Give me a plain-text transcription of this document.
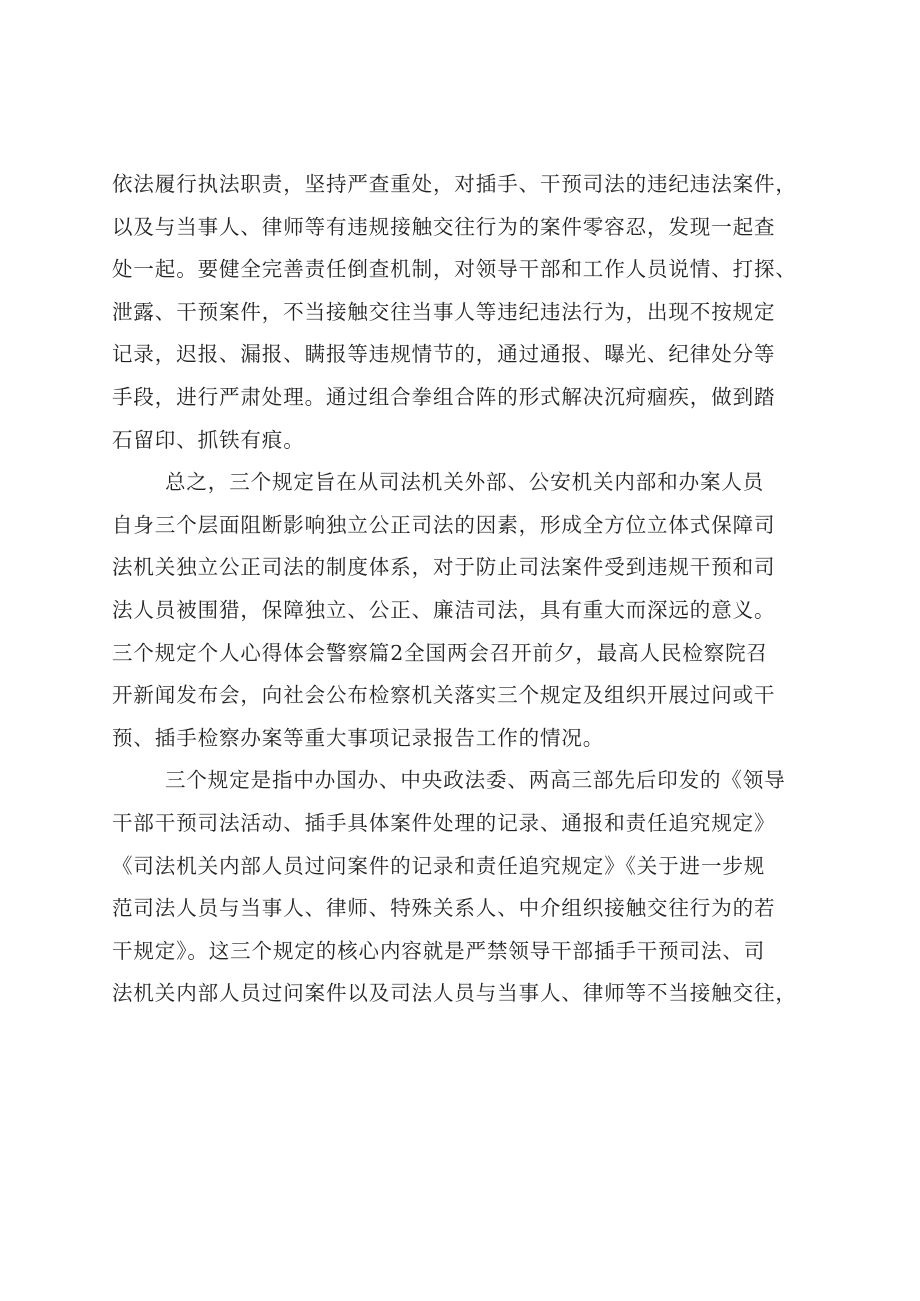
依法履行执法职责，坚持严查重处，对插手、干预司法的违纪违法案件，
以及与当事人、律师等有违规接触交往行为的案件零容忍，发现一起查
处一起。要健全完善责任倒查机制，对领导干部和工作人员说情、打探、
泄露、干预案件，不当接触交往当事人等违纪违法行为，出现不按规定
记录，迟报、漏报、瞒报等违规情节的，通过通报、曝光、纪律处分等
手段，进行严肃处理。通过组合拳组合阵的形式解决沉疴痼疾，做到踏
石留印、抓铁有痕。
总之，三个规定旨在从司法机关外部、公安机关内部和办案人员
自身三个层面阻断影响独立公正司法的因素，形成全方位立体式保障司
法机关独立公正司法的制度体系，对于防止司法案件受到违规干预和司
法人员被围猎，保障独立、公正、廉洁司法，具有重大而深远的意义。
三个规定个人心得体会警察篇2全国两会召开前夕，最高人民检察院召
开新闻发布会，向社会公布检察机关落实三个规定及组织开展过问或干
预、插手检察办案等重大事项记录报告工作的情况。
三个规定是指中办国办、中央政法委、两高三部先后印发的《领导
干部干预司法活动、插手具体案件处理的记录、通报和责任追究规定》
《司法机关内部人员过问案件的记录和责任追究规定》《关于进一步规
范司法人员与当事人、律师、特殊关系人、中介组织接触交往行为的若
干规定》。这三个规定的核心内容就是严禁领导干部插手干预司法、司
法机关内部人员过问案件以及司法人员与当事人、律师等不当接触交往，
